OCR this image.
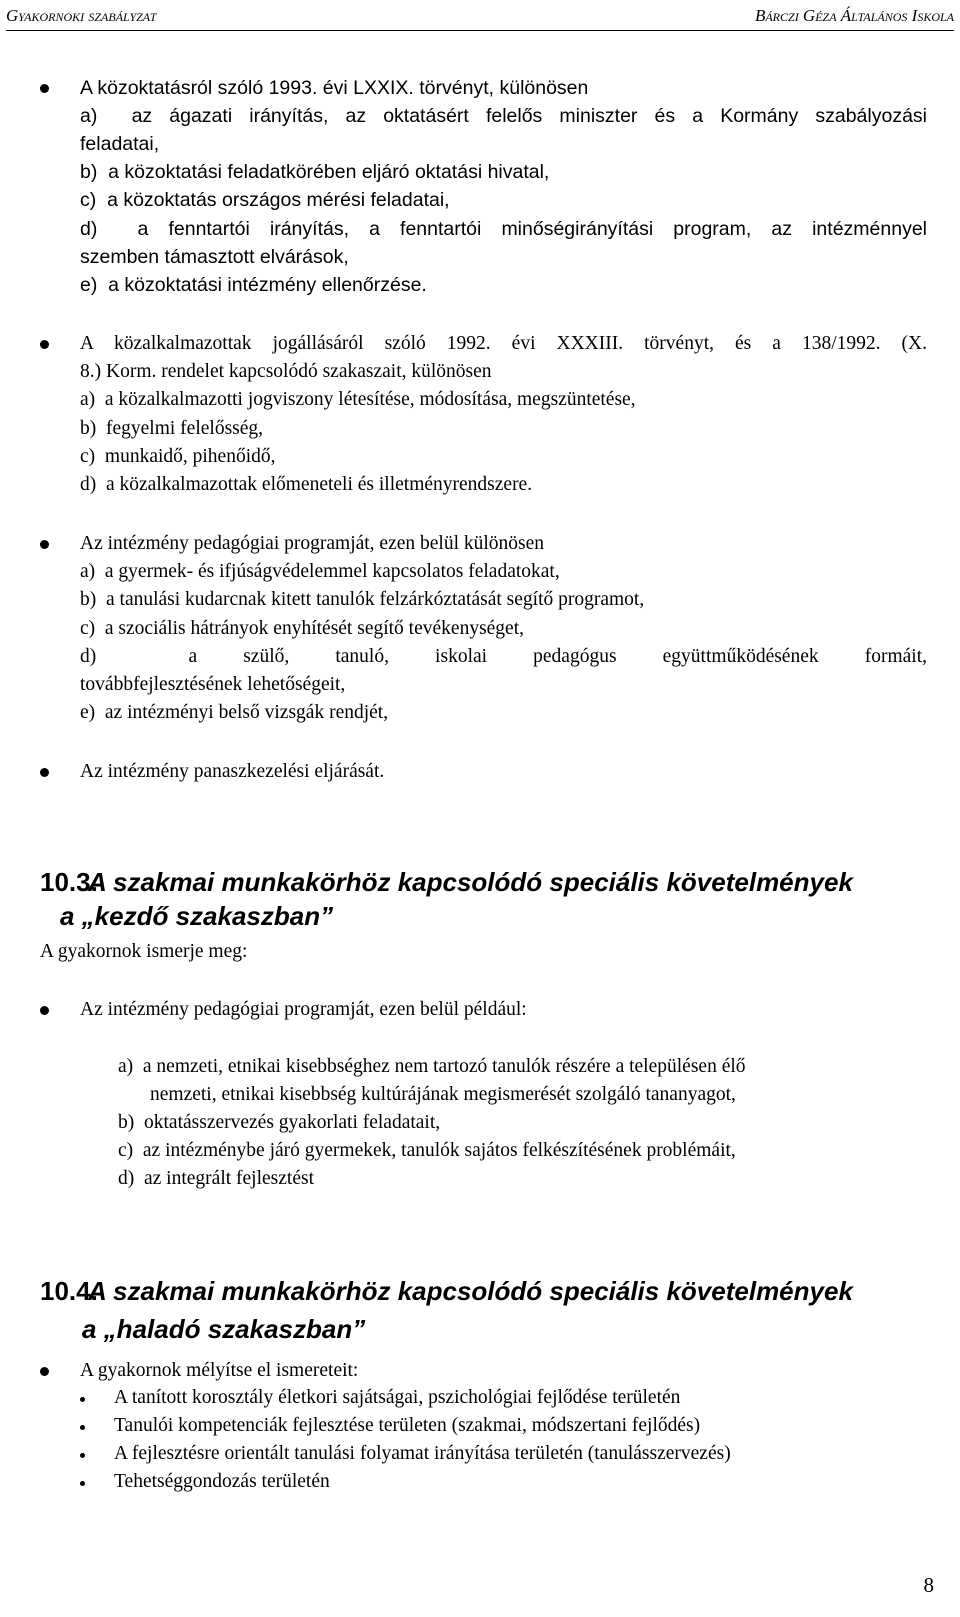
Gyakornoki szabályzat	Bárczi Géza Általános Iskola
A közoktatásról szóló 1993. évi LXXIX. törvényt, különösen
a)  az ágazati irányítás, az oktatásért felelős miniszter és a Kormány szabályozási
feladatai,
b)  a közoktatási feladatkörében eljáró oktatási hivatal,
c)  a közoktatás országos mérési feladatai,
d)  a fenntartói irányítás, a fenntartói minőségirányítási program, az intézménnyel
szemben támasztott elvárások,
e)  a közoktatási intézmény ellenőrzése.
A közalkalmazottak jogállásáról szóló 1992. évi XXXIII. törvényt, és a 138/1992. (X.
8.) Korm. rendelet kapcsolódó szakaszait, különösen
a)  a közalkalmazotti jogviszony létesítése, módosítása, megszüntetése,
b)  fegyelmi felelősség,
c)  munkaidő, pihenőidő,
d)  a közalkalmazottak előmeneteli és illetményrendszere.
Az intézmény pedagógiai programját, ezen belül különösen
a)  a gyermek- és ifjúságvédelemmel kapcsolatos feladatokat,
b)  a tanulási kudarcnak kitett tanulók felzárkóztatását segítő programot,
c)  a szociális hátrányok enyhítését segítő tevékenységet,
d)  a szülő, tanuló, iskolai pedagógus együttműködésének formáit,
továbbfejlesztésének lehetőségeit,
e)  az intézményi belső vizsgák rendjét,
Az intézmény panaszkezelési eljárását.
10.3.
A szakmai munkakörhöz kapcsolódó speciális követelmények
a „kezdő szakaszban”
A gyakornok ismerje meg:
Az intézmény pedagógiai programját, ezen belül például:
a)  a nemzeti, etnikai kisebbséghez nem tartozó tanulók részére a településen élő
nemzeti, etnikai kisebbség kultúrájának megismerését szolgáló tananyagot,
b)  oktatásszervezés gyakorlati feladatait,
c)  az intézménybe járó gyermekek, tanulók sajátos felkészítésének problémáit,
d)  az integrált fejlesztést
10.4.
A szakmai munkakörhöz kapcsolódó speciális követelmények
a „haladó szakaszban”
A gyakornok mélyítse el ismereteit:
A tanított korosztály életkori sajátságai, pszichológiai fejlődése területén
Tanulói kompetenciák fejlesztése területen (szakmai, módszertani fejlődés)
A fejlesztésre orientált tanulási folyamat irányítása területén (tanulásszervezés)
Tehetséggondozás területén
8
